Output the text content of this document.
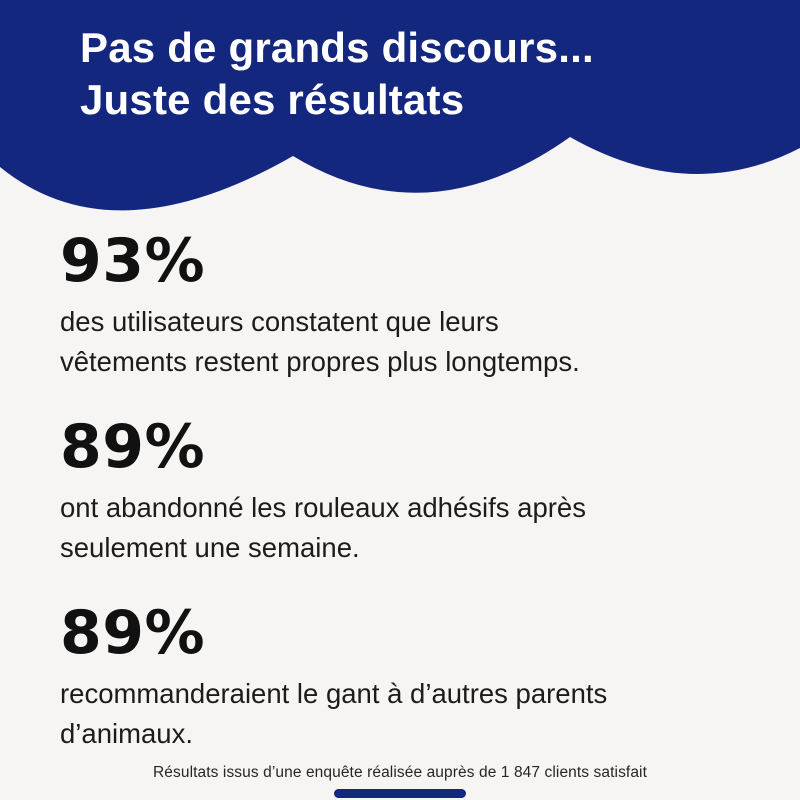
Pas de grands discours...
Juste des résultats
93%

des utilisateurs constatent que leurs
vêtements restent propres plus longtemps.

89%

ont abandonné les rouleaux adhésifs après
seulement une semaine.

89%

recommanderaient le gant à d’autres parents
d’animaux.

Résultats issus d’une enquête réalisée auprès de 1 847 clients satisfait
